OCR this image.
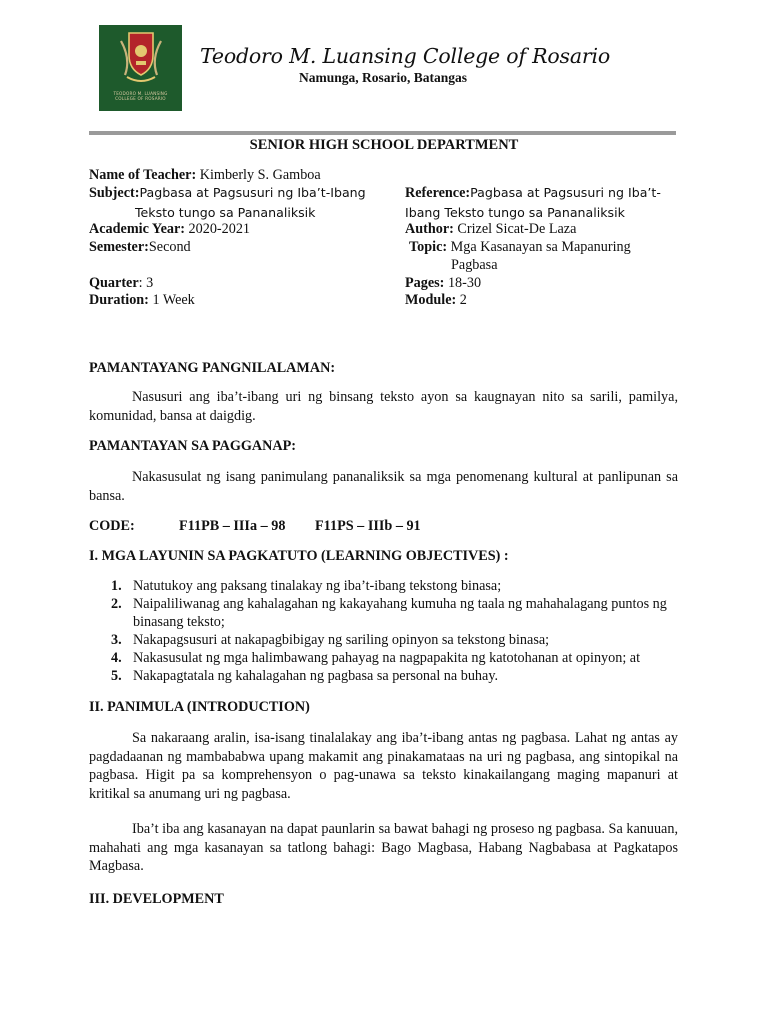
TEODORO M. LUANSING
COLLEGE OF ROSARIO
Teodoro M. Luansing College of Rosario
Namunga, Rosario, Batangas
SENIOR HIGH SCHOOL DEPARTMENT
Name of Teacher: Kimberly S. Gamboa
Subject:Pagbasa at Pagsusuri ng Iba’t-Ibang
Teksto tungo sa Pananaliksik
Academic Year: 2020-2021
Semester:Second
Quarter: 3
Duration: 1 Week
Reference:Pagbasa at Pagsusuri ng Iba’t-
Ibang Teksto tungo sa Pananaliksik
Author: Crizel Sicat-De Laza
Topic: Mga Kasanayan sa Mapanuring
Pagbasa
Pages: 18-30
Module: 2
PAMANTAYANG PANGNILALAMAN:
Nasusuri ang iba’t-ibang uri ng binsang teksto ayon sa kaugnayan nito sa sarili, pamilya, komunidad, bansa at daigdig.
PAMANTAYAN SA PAGGANAP:
Nakasusulat ng isang panimulang pananaliksik sa mga penomenang kultural at panlipunan sa bansa.
CODE:	F11PB – IIIa – 98 F11PS – IIIb – 91
I. MGA LAYUNIN SA PAGKATUTO (LEARNING OBJECTIVES) :
1. Natutukoy ang paksang tinalakay ng iba’t-ibang tekstong binasa;
2. Naipaliliwanag ang kahalagahan ng kakayahang kumuha ng taala ng mahahalagang puntos ng binasang teksto;
3. Nakapagsusuri at nakapagbibigay ng sariling opinyon sa tekstong binasa;
4. Nakasusulat ng mga halimbawang pahayag na nagpapakita ng katotohanan at opinyon; at
5. Nakapagtatala ng kahalagahan ng pagbasa sa personal na buhay.
II. PANIMULA (INTRODUCTION)
Sa nakaraang aralin, isa-isang tinalalakay ang iba’t-ibang antas ng pagbasa. Lahat ng antas ay pagdadaanan ng mambababwa upang makamit ang pinakamataas na uri ng pagbasa, ang sintopikal na pagbasa. Higit pa sa komprehensyon o pag-unawa sa teksto kinakailangang maging mapanuri at kritikal sa anumang uri ng pagbasa.
Iba’t iba ang kasanayan na dapat paunlarin sa bawat bahagi ng proseso ng pagbasa. Sa kanuuan, mahahati ang mga kasanayan sa tatlong bahagi: Bago Magbasa, Habang Nagbabasa at Pagkatapos Magbasa.
III. DEVELOPMENT
